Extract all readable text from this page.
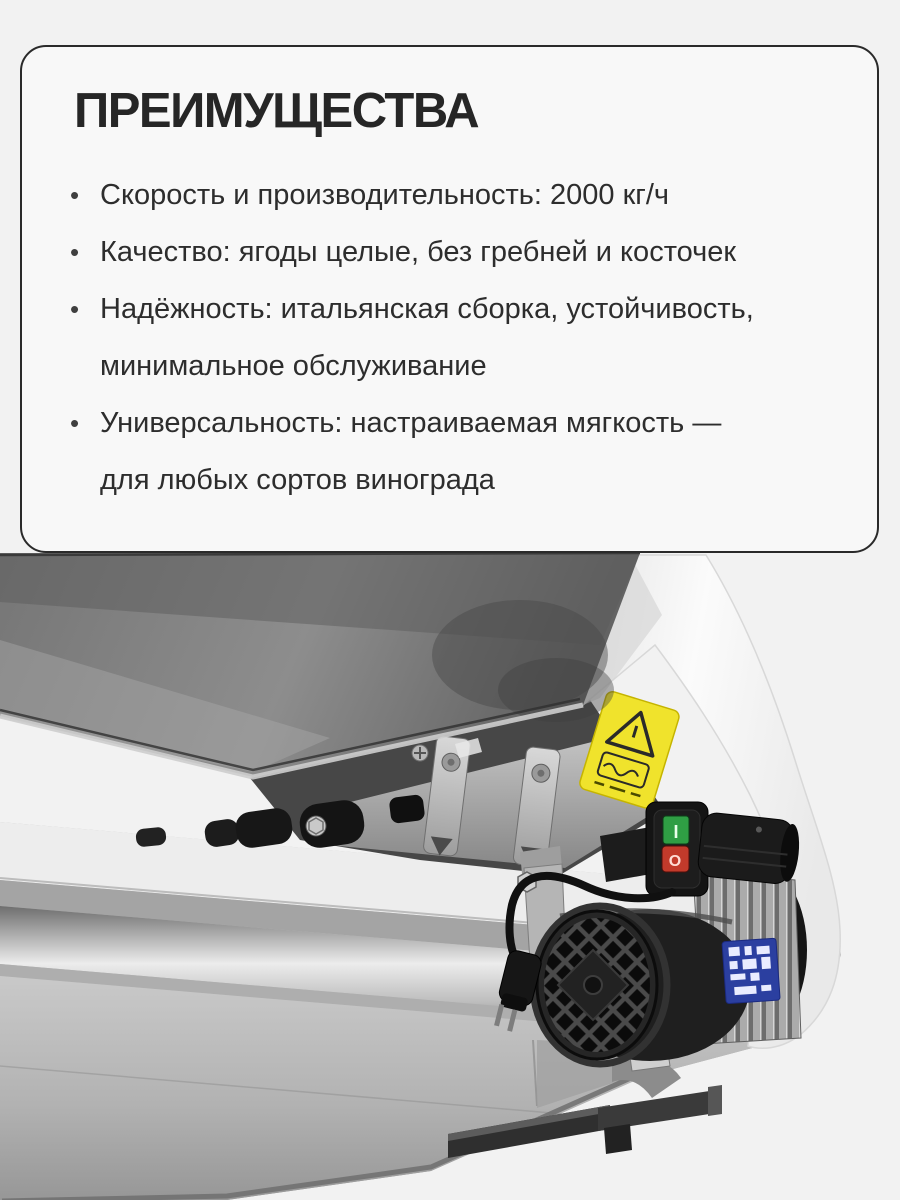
ПРЕИМУЩЕСТВА
• Скорость и производительность: 2000 кг/ч
• Качество: ягоды целые, без гребней и косточек
• Надёжность: итальянская сборка, устойчивость,
минимальное обслуживание
• Универсальность: настраиваемая мягкость —
для любых сортов винограда
I
O
